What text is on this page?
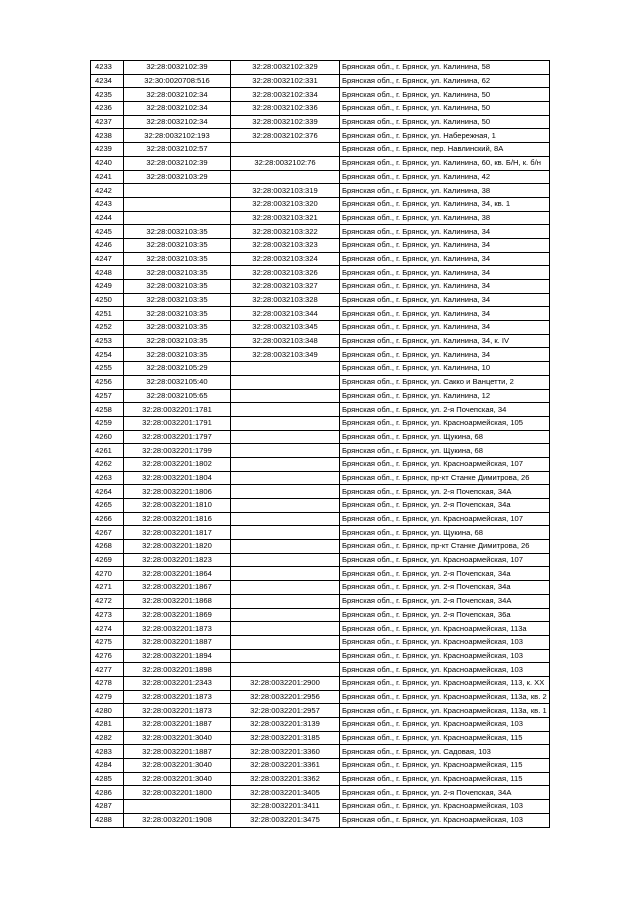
4233	32:28:0032102:39	32:28:0032102:329	Брянская обл., г. Брянск, ул. Калинина, 58
4234	32:30:0020708:516	32:28:0032102:331	Брянская обл., г. Брянск, ул. Калинина, 62
4235	32:28:0032102:34	32:28:0032102:334	Брянская обл., г. Брянск, ул. Калинина, 50
4236	32:28:0032102:34	32:28:0032102:336	Брянская обл., г. Брянск, ул. Калинина, 50
4237	32:28:0032102:34	32:28:0032102:339	Брянская обл., г. Брянск, ул. Калинина, 50
4238	32:28:0032102:193	32:28:0032102:376	Брянская обл., г. Брянск, ул. Набережная, 1
4239	32:28:0032102:57		Брянская обл., г. Брянск, пер. Навлинский, 8А
4240	32:28:0032102:39	32:28:0032102:76	Брянская обл., г. Брянск, ул. Калинина, 60, кв. Б/Н, к. б/н
4241	32:28:0032103:29		Брянская обл., г. Брянск, ул. Калинина, 42
4242		32:28:0032103:319	Брянская обл., г. Брянск, ул. Калинина, 38
4243		32:28:0032103:320	Брянская обл., г. Брянск, ул. Калинина, 34, кв. 1
4244		32:28:0032103:321	Брянская обл., г. Брянск, ул. Калинина, 38
4245	32:28:0032103:35	32:28:0032103:322	Брянская обл., г. Брянск, ул. Калинина, 34
4246	32:28:0032103:35	32:28:0032103:323	Брянская обл., г. Брянск, ул. Калинина, 34
4247	32:28:0032103:35	32:28:0032103:324	Брянская обл., г. Брянск, ул. Калинина, 34
4248	32:28:0032103:35	32:28:0032103:326	Брянская обл., г. Брянск, ул. Калинина, 34
4249	32:28:0032103:35	32:28:0032103:327	Брянская обл., г. Брянск, ул. Калинина, 34
4250	32:28:0032103:35	32:28:0032103:328	Брянская обл., г. Брянск, ул. Калинина, 34
4251	32:28:0032103:35	32:28:0032103:344	Брянская обл., г. Брянск, ул. Калинина, 34
4252	32:28:0032103:35	32:28:0032103:345	Брянская обл., г. Брянск, ул. Калинина, 34
4253	32:28:0032103:35	32:28:0032103:348	Брянская обл., г. Брянск, ул. Калинина, 34, к. IV
4254	32:28:0032103:35	32:28:0032103:349	Брянская обл., г. Брянск, ул. Калинина, 34
4255	32:28:0032105:29		Брянская обл., г. Брянск, ул. Калинина, 10
4256	32:28:0032105:40		Брянская обл., г. Брянск, ул. Сакко и Ванцетти, 2
4257	32:28:0032105:65		Брянская обл., г. Брянск, ул. Калинина, 12
4258	32:28:0032201:1781		Брянская обл., г. Брянск, ул. 2-я Почепская, 34
4259	32:28:0032201:1791		Брянская обл., г. Брянск, ул. Красноармейская, 105
4260	32:28:0032201:1797		Брянская обл., г. Брянск, ул. Щукина, 68
4261	32:28:0032201:1799		Брянская обл., г. Брянск, ул. Щукина, 68
4262	32:28:0032201:1802		Брянская обл., г. Брянск, ул. Красноармейская, 107
4263	32:28:0032201:1804		Брянская обл., г. Брянск, пр-кт Станке Димитрова, 26
4264	32:28:0032201:1806		Брянская обл., г. Брянск, ул. 2-я Почепская, 34А
4265	32:28:0032201:1810		Брянская обл., г. Брянск, ул. 2-я Почепская, 34а
4266	32:28:0032201:1816		Брянская обл., г. Брянск, ул. Красноармейская, 107
4267	32:28:0032201:1817		Брянская обл., г. Брянск, ул. Щукина, 68
4268	32:28:0032201:1820		Брянская обл., г. Брянск, пр-кт Станке Димитрова, 26
4269	32:28:0032201:1823		Брянская обл., г. Брянск, ул. Красноармейская, 107
4270	32:28:0032201:1864		Брянская обл., г. Брянск, ул. 2-я Почепская, 34а
4271	32:28:0032201:1867		Брянская обл., г. Брянск, ул. 2-я Почепская, 34а
4272	32:28:0032201:1868		Брянская обл., г. Брянск, ул. 2-я Почепская, 34А
4273	32:28:0032201:1869		Брянская обл., г. Брянск, ул. 2-я Почепская, 36а
4274	32:28:0032201:1873		Брянская обл., г. Брянск, ул. Красноармейская, 113а
4275	32:28:0032201:1887		Брянская обл., г. Брянск, ул. Красноармейская, 103
4276	32:28:0032201:1894		Брянская обл., г. Брянск, ул. Красноармейская, 103
4277	32:28:0032201:1898		Брянская обл., г. Брянск, ул. Красноармейская, 103
4278	32:28:0032201:2343	32:28:0032201:2900	Брянская обл., г. Брянск, ул. Красноармейская, 113, к. XX
4279	32:28:0032201:1873	32:28:0032201:2956	Брянская обл., г. Брянск, ул. Красноармейская, 113а, кв. 2
4280	32:28:0032201:1873	32:28:0032201:2957	Брянская обл., г. Брянск, ул. Красноармейская, 113а, кв. 1
4281	32:28:0032201:1887	32:28:0032201:3139	Брянская обл., г. Брянск, ул. Красноармейская, 103
4282	32:28:0032201:3040	32:28:0032201:3185	Брянская обл., г. Брянск, ул. Красноармейская, 115
4283	32:28:0032201:1887	32:28:0032201:3360	Брянская обл., г. Брянск, ул. Садовая, 103
4284	32:28:0032201:3040	32:28:0032201:3361	Брянская обл., г. Брянск, ул. Красноармейская, 115
4285	32:28:0032201:3040	32:28:0032201:3362	Брянская обл., г. Брянск, ул. Красноармейская, 115
4286	32:28:0032201:1800	32:28:0032201:3405	Брянская обл., г. Брянск, ул. 2-я Почепская, 34А
4287		32:28:0032201:3411	Брянская обл., г. Брянск, ул. Красноармейская, 103
4288	32:28:0032201:1908	32:28:0032201:3475	Брянская обл., г. Брянск, ул. Красноармейская, 103
